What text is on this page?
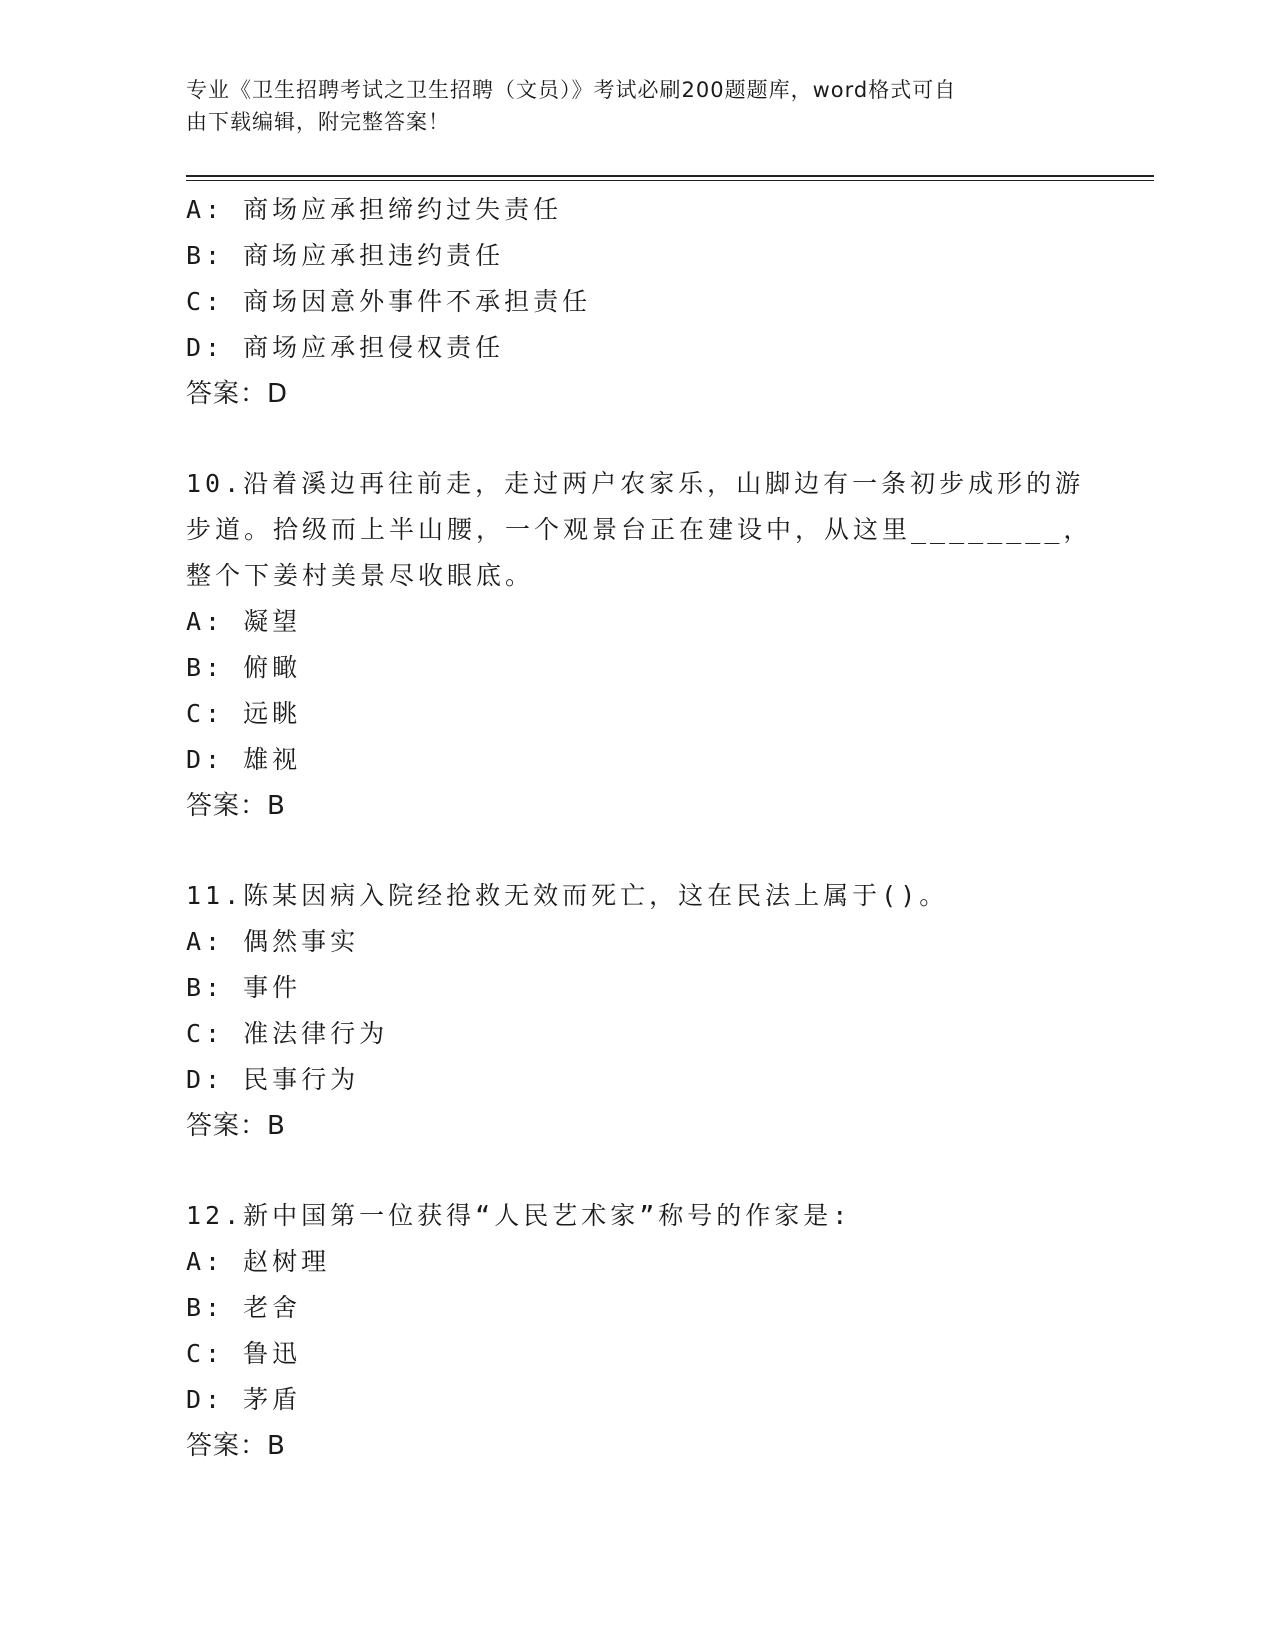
专业《卫生招聘考试之卫生招聘（文员）》考试必刷200题题库，word格式可自
由下载编辑，附完整答案！
A: 商场应承担缔约过失责任
B: 商场应承担违约责任
C: 商场因意外事件不承担责任
D: 商场应承担侵权责任
答案：D
10.沿着溪边再往前走，走过两户农家乐，山脚边有一条初步成形的游
步道。拾级而上半山腰，一个观景台正在建设中，从这里________，
整个下姜村美景尽收眼底。
A: 凝望
B: 俯瞰
C: 远眺
D: 雄视
答案：B
11.陈某因病入院经抢救无效而死亡，这在民法上属于()。
A: 偶然事实
B: 事件
C: 准法律行为
D: 民事行为
答案：B
12.新中国第一位获得“人民艺术家”称号的作家是:
A: 赵树理
B: 老舍
C: 鲁迅
D: 茅盾
答案：B
